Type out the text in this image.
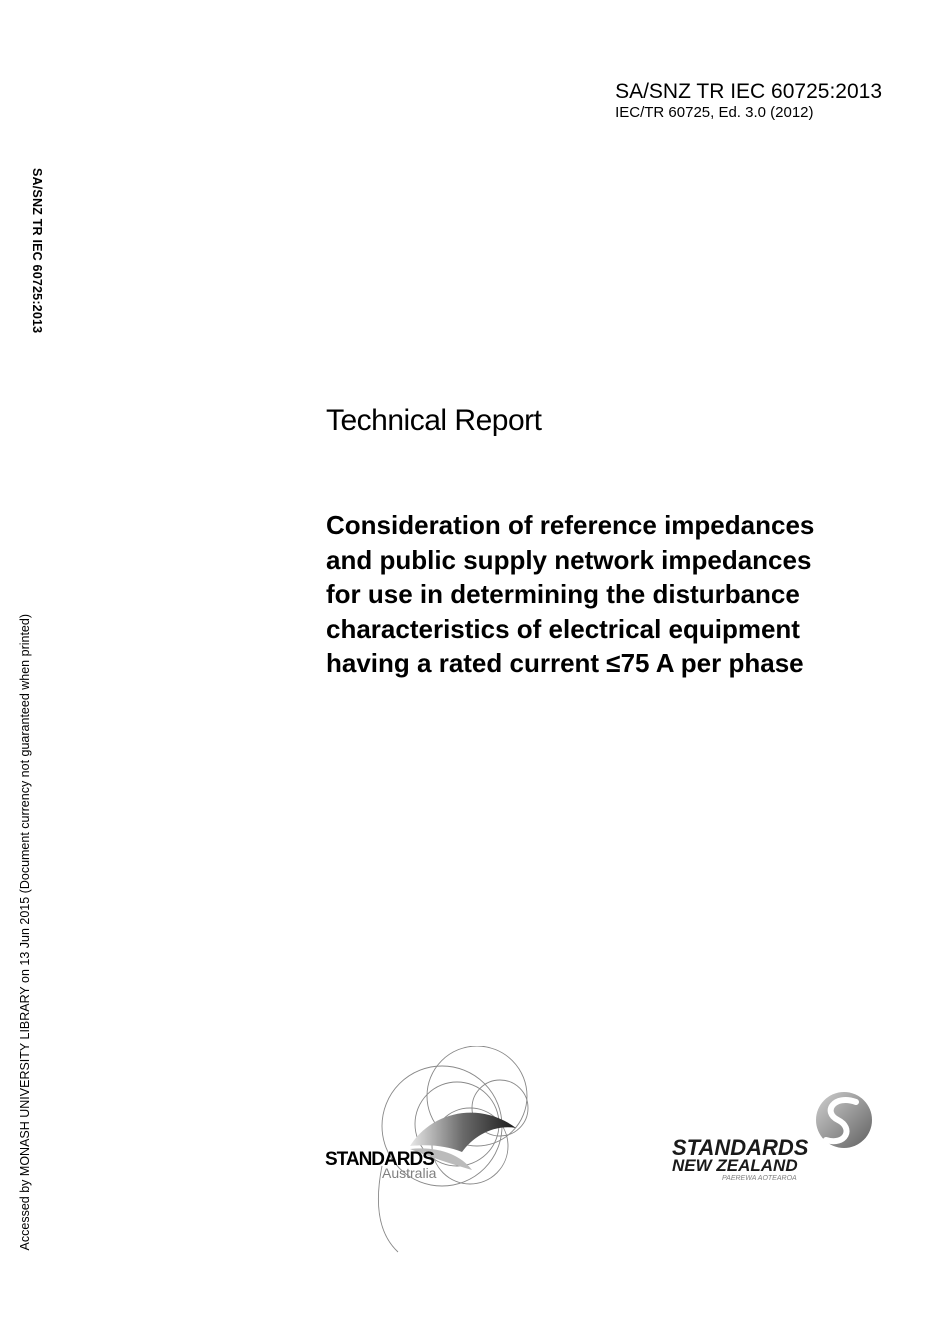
SA/SNZ TR IEC 60725:2013
IEC/TR 60725, Ed. 3.0 (2012)
SA/SNZ TR IEC 60725:2013
Accessed by MONASH UNIVERSITY LIBRARY on 13 Jun 2015 (Document currency not guaranteed when printed)
Technical Report
Consideration of reference impedances
and public supply network impedances
for use in determining the disturbance
characteristics of electrical equipment
having a rated current ≤75 A per phase
STANDARDS
Australia
STANDARDS
NEW ZEALAND
PAEREWA AOTEAROA
